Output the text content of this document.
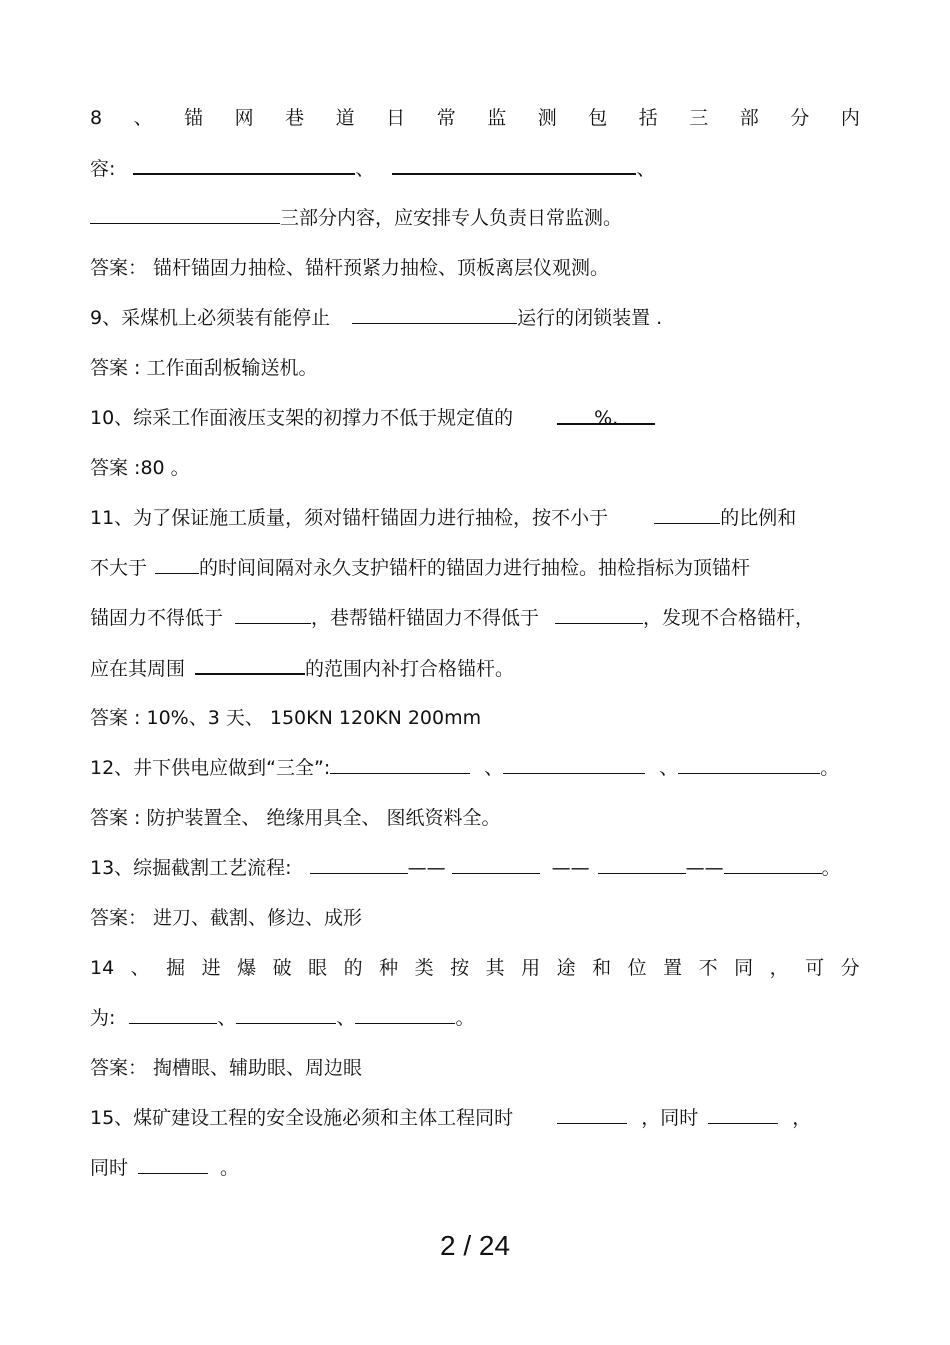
8 、 锚 网 巷 道 日 常 监 测 包 括 三 部 分 内
容:	、	、
三部分内容，应安排专人负责日常监测。
答案： 锚杆锚固力抽检、锚杆预紧力抽检、顶板离层仪观测。
9、采煤机上必须装有能停止	运行的闭锁装置 .
答案 : 工作面刮板输送机。
10、综采工作面液压支架的初撑力不低于规定值的	%.
答案 :80 。
11、为了保证施工质量，须对锚杆锚固力进行抽检，按不小于	的比例和
不大于	的时间间隔对永久支护锚杆的锚固力进行抽检。抽检指标为顶锚杆
锚固力不得低于	，巷帮锚杆锚固力不得低于	，发现不合格锚杆，
应在其周围	的范围内补打合格锚杆。
答案 : 10%、3 天、 150KN 120KN 200mm
12、井下供电应做到“三全”:	、	、	。
答案 : 防护装置全、 绝缘用具全、 图纸资料全。
13、综掘截割工艺流程:	——	——	——	。
答案： 进刀、截割、修边、成形
14 、 掘 进 爆 破 眼 的 种 类 按 其 用 途 和 位 置 不 同 ， 可 分
为:	、	、	。
答案： 掏槽眼、辅助眼、周边眼
15、煤矿建设工程的安全设施必须和主体工程同时	，同时	，
同时	。
2 / 24
